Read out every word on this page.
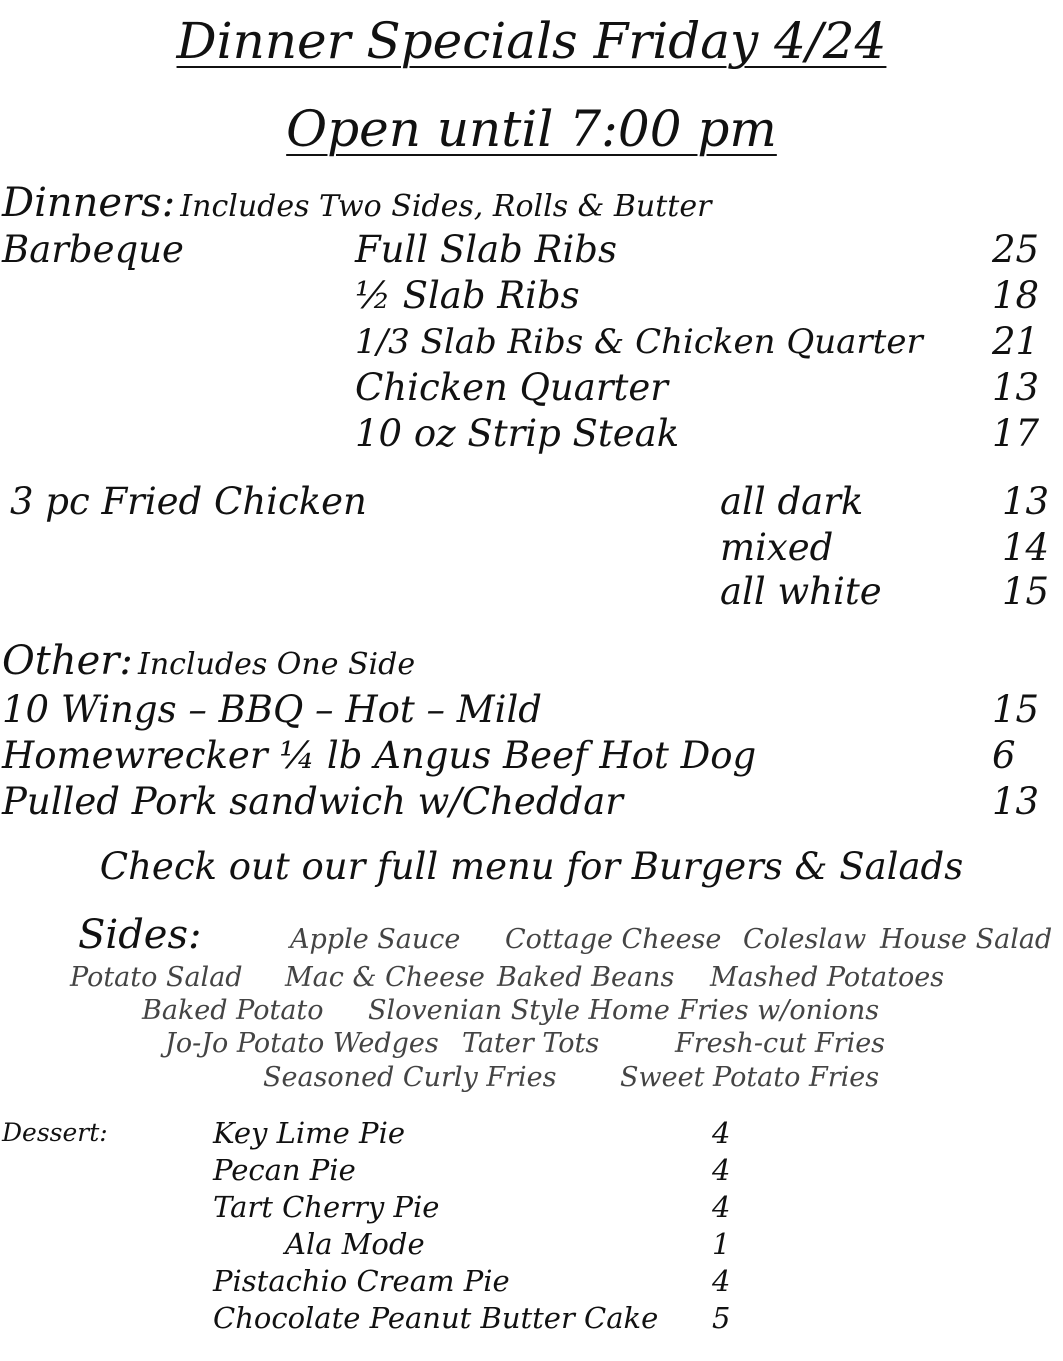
Dinner Specials Friday 4/24
Open until 7:00 pm
Dinners: Includes Two Sides, Rolls & Butter
Barbeque	Full Slab Ribs	25
½ Slab Ribs	18
1/3 Slab Ribs & Chicken Quarter 21
Chicken Quarter	13
10 oz Strip Steak	17
3 pc Fried Chicken	all dark	13
mixed	14
all white	15
Other: Includes One Side
10 Wings – BBQ – Hot – Mild	15
Homewrecker ¼ lb Angus Beef Hot Dog	6
Pulled Pork sandwich w/Cheddar	13
Check out our full menu for Burgers & Salads
Sides:	Apple Sauce Cottage Cheese Coleslaw House Salad
Potato Salad Mac & Cheese Baked Beans Mashed Potatoes
Baked Potato Slovenian Style Home Fries w/onions
Jo-Jo Potato Wedges Tater Tots	Fresh-cut Fries
Seasoned Curly Fries Sweet Potato Fries
Dessert:	Key Lime Pie	4
Pecan Pie	4
Tart Cherry Pie	4
Ala Mode	1
Pistachio Cream Pie	4
Chocolate Peanut Butter Cake 5
